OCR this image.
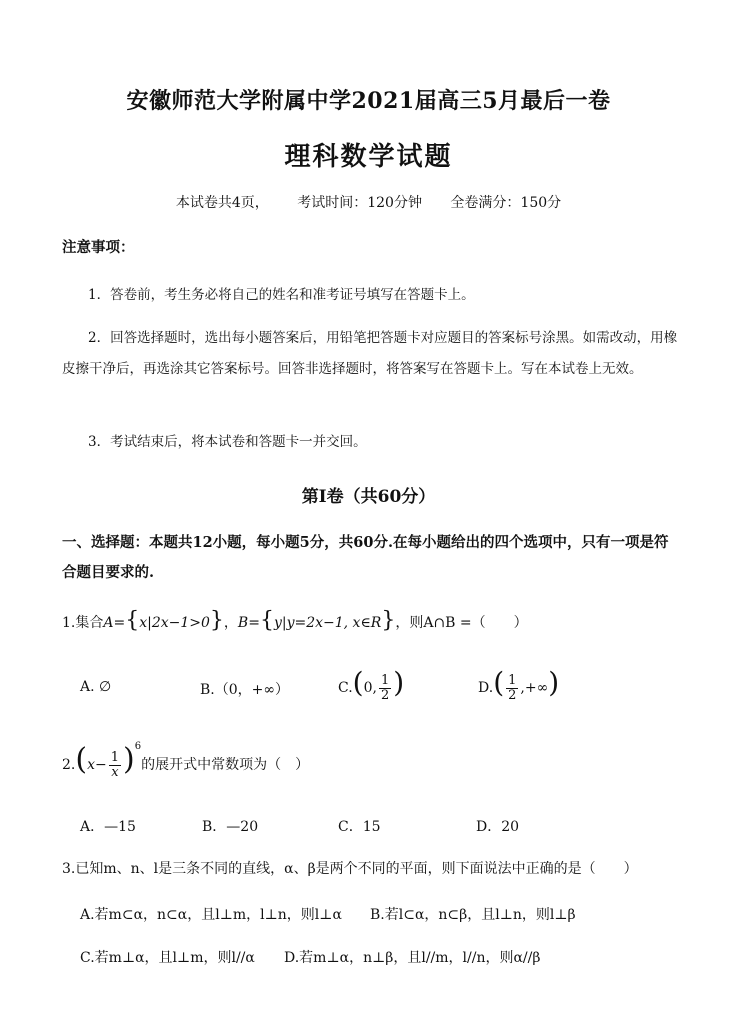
安徽师范大学附属中学2021届高三5月最后一卷
理科数学试题
本试卷共4页， 考试时间：120分钟 全卷满分：150分
注意事项：
1．答卷前，考生务必将自己的姓名和准考证号填写在答题卡上。
2．回答选择题时，选出每小题答案后，用铅笔把答题卡对应题目的答案标号涂黑。如需改动，用橡皮擦干净后，再选涂其它答案标号。回答非选择题时，将答案写在答题卡上。写在本试卷上无效。
3．考试结束后，将本试卷和答题卡一并交回。
第Ⅰ卷（共60分）
一、选择题：本题共12小题，每小题5分，共60分.在每小题给出的四个选项中，只有一项是符合题目要求的.
1.集合A={x|2x−1>0}，B={y|y=2x−1, x∈R}，则A∩B =（　　）
A. ∅	B.（0，+∞）	C.(0, $\frac{1}{2}$ )	$D.( \frac{1}{2}$ ,+∞)
$2.(x- \frac{1}{x} )^6$的展开式中常数项为（　）
A．—15	B．—20	C．15	D．20
3.已知m、n、l是三条不同的直线，α、β是两个不同的平面，则下面说法中正确的是（　　）
A.若m⊂α，n⊂α，且l⊥m，l⊥n，则l⊥α B.若l⊂α，n⊂β，且l⊥n，则l⊥β
C.若m⊥α，且l⊥m，则l//α D.若m⊥α，n⊥β，且l//m，l//n，则α//β
